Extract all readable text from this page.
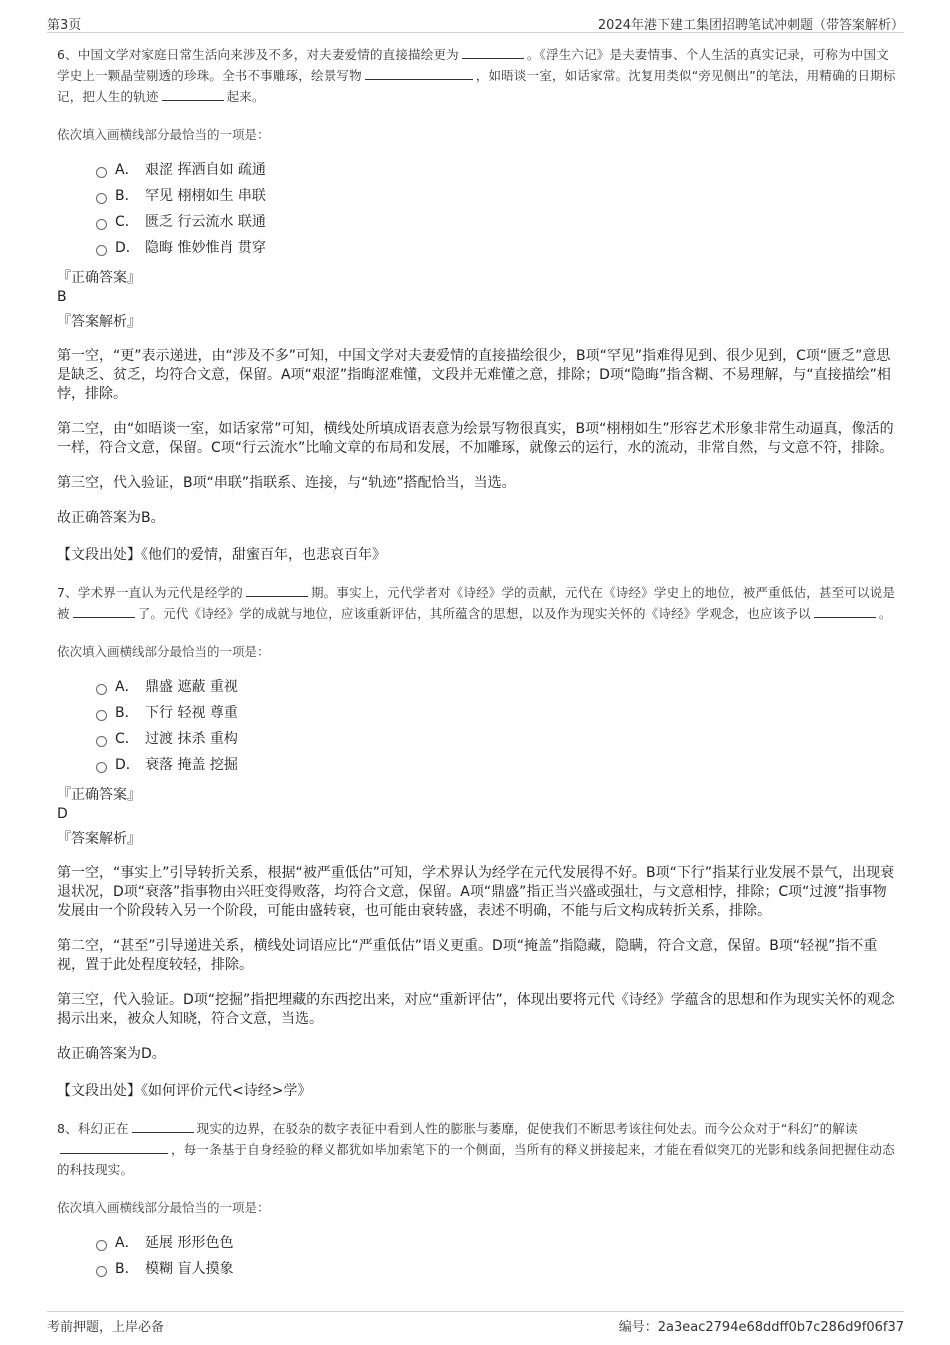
第3页	2024年港下建工集团招聘笔试冲刺题（带答案解析）
6、中国文学对家庭日常生活向来涉及不多，对夫妻爱情的直接描绘更为	。《浮生六记》是夫妻情事、个人生活的真实记录，可称为中国文学史上一颗晶莹剔透的珍珠。全书不事雕琢，绘景写物	，如晤谈一室，如话家常。沈复用类似“旁见侧出”的笔法，用精确的日期标记，把人生的轨迹	起来。
依次填入画横线部分最恰当的一项是：
A． 艰涩 挥洒自如 疏通
B． 罕见 栩栩如生 串联
C． 匮乏 行云流水 联通
D． 隐晦 惟妙惟肖 贯穿
『正确答案』
B
『答案解析』
第一空，“更”表示递进，由“涉及不多”可知，中国文学对夫妻爱情的直接描绘很少，B项“罕见”指难得见到、很少见到，C项“匮乏”意思是缺乏、贫乏，均符合文意，保留。A项“艰涩”指晦涩难懂，文段并无难懂之意，排除；D项“隐晦”指含糊、不易理解，与“直接描绘”相悖，排除。
第二空，由“如晤谈一室，如话家常”可知，横线处所填成语表意为绘景写物很真实，B项“栩栩如生”形容艺术形象非常生动逼真，像活的一样，符合文意，保留。C项“行云流水”比喻文章的布局和发展，不加雕琢，就像云的运行，水的流动，非常自然，与文意不符，排除。
第三空，代入验证，B项“串联”指联系、连接，与“轨迹”搭配恰当，当选。
故正确答案为B。
【文段出处】《他们的爱情，甜蜜百年，也悲哀百年》
7、学术界一直认为元代是经学的	期。事实上，元代学者对《诗经》学的贡献，元代在《诗经》学史上的地位，被严重低估，甚至可以说是被	了。元代《诗经》学的成就与地位，应该重新评估，其所蕴含的思想，以及作为现实关怀的《诗经》学观念，也应该予以	。
依次填入画横线部分最恰当的一项是：
A． 鼎盛 遮蔽 重视
B． 下行 轻视 尊重
C． 过渡 抹杀 重构
D． 衰落 掩盖 挖掘
『正确答案』
D
『答案解析』
第一空，“事实上”引导转折关系，根据“被严重低估”可知，学术界认为经学在元代发展得不好。B项“下行”指某行业发展不景气，出现衰退状况，D项“衰落”指事物由兴旺变得败落，均符合文意，保留。A项“鼎盛”指正当兴盛或强壮，与文意相悖，排除；C项“过渡”指事物发展由一个阶段转入另一个阶段，可能由盛转衰，也可能由衰转盛，表述不明确，不能与后文构成转折关系，排除。
第二空，“甚至”引导递进关系，横线处词语应比“严重低估”语义更重。D项“掩盖”指隐藏，隐瞒，符合文意，保留。B项“轻视”指不重视，置于此处程度较轻，排除。
第三空，代入验证。D项“挖掘”指把埋藏的东西挖出来，对应“重新评估”，体现出要将元代《诗经》学蕴含的思想和作为现实关怀的观念揭示出来，被众人知晓，符合文意，当选。
故正确答案为D。
【文段出处】《如何评价元代<诗经>学》
8、科幻正在	现实的边界，在驳杂的数字表征中看到人性的膨胀与萎靡，促使我们不断思考该往何处去。而今公众对于“科幻”的解读，每一条基于自身经验的释义都犹如毕加索笔下的一个侧面，当所有的释义拼接起来，才能在看似突兀的光影和线条间把握住动态的科技现实。
依次填入画横线部分最恰当的一项是：
A． 延展 形形色色
B． 模糊 盲人摸象
考前押题，上岸必备	编号：2a3eac2794e68ddff0b7c286d9f06f37
